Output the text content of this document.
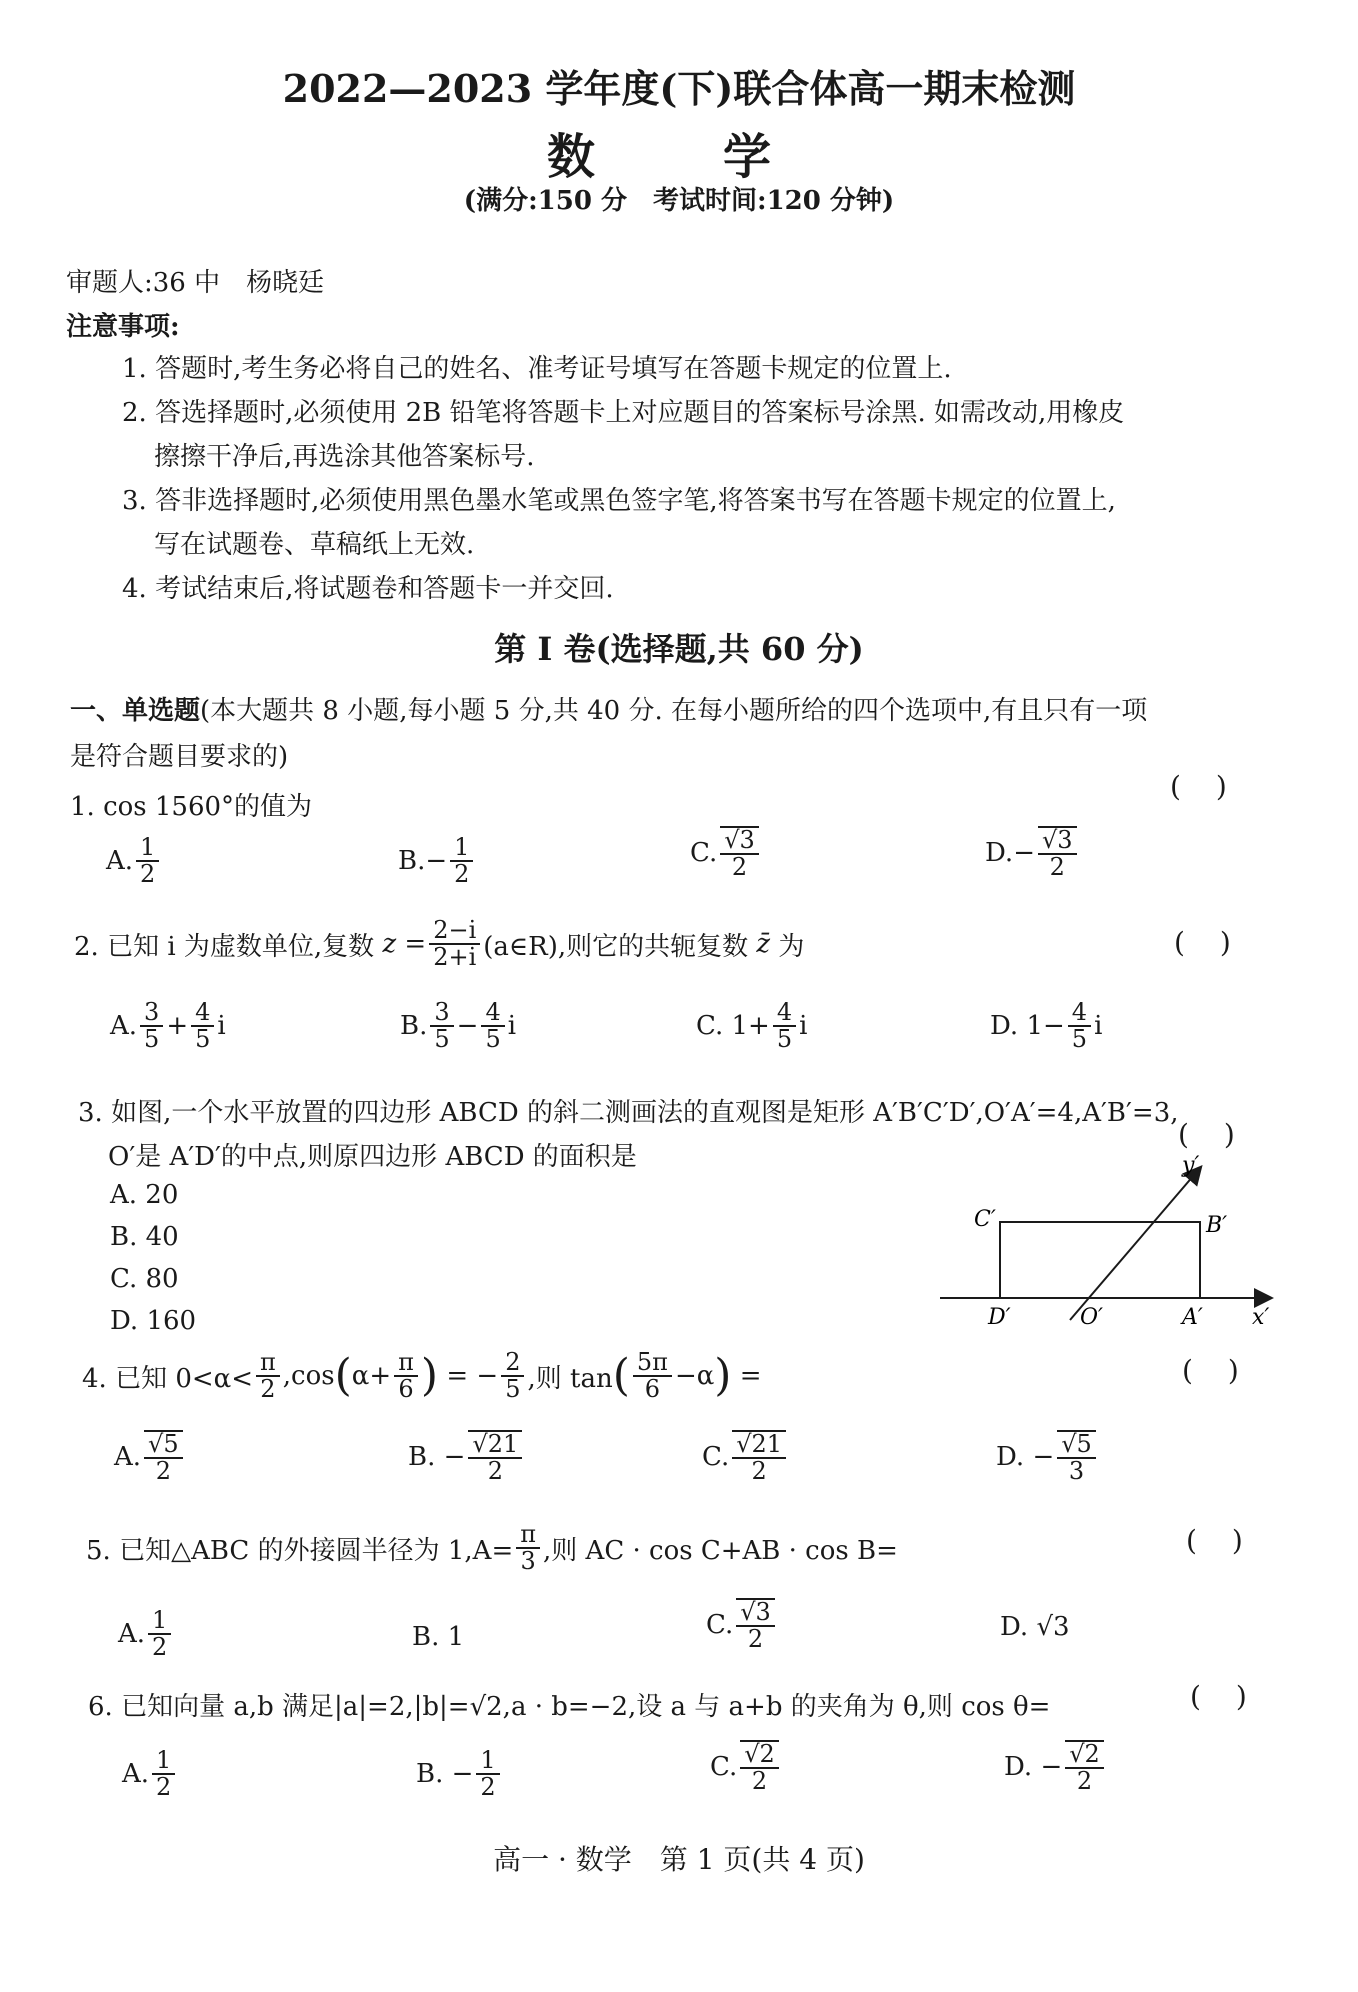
2022—2023 学年度(下)联合体高一期末检测
数　学
(满分:150 分　考试时间:120 分钟)
审题人:36 中　杨晓廷
注意事项:
1. 答题时,考生务必将自己的姓名、准考证号填写在答题卡规定的位置上.
2. 答选择题时,必须使用 2B 铅笔将答题卡上对应题目的答案标号涂黑. 如需改动,用橡皮
擦擦干净后,再选涂其他答案标号.
3. 答非选择题时,必须使用黑色墨水笔或黑色签字笔,将答案书写在答题卡规定的位置上,
写在试题卷、草稿纸上无效.
4. 考试结束后,将试题卷和答题卡一并交回.
第 I 卷(选择题,共 60 分)
一、单选题(本大题共 8 小题,每小题 5 分,共 40 分. 在每小题所给的四个选项中,有且只有一项
是符合题目要求的)
1. cos 1560°的值为
( )
A. $\frac{1}{2}$	B. − $\frac{1}{2}$	C. $\frac{√3}{2}$	D. − $\frac{√3}{2}$
2. 已知 i 为虚数单位,复数
$z = \frac{2-i}{2+i}$ (a∈R),则它的共轭复数
z̄
为	( )
A. $\frac{3}{5} + \frac{4}{5}$ i	B. $\frac{3}{5} - \frac{4}{5}$ i	C. $1+ \frac{4}{5}$ i	D. $1- \frac{4}{5}$ i
3. 如图,一个水平放置的四边形 ABCD 的斜二测画法的直观图是矩形 A′B′C′D′,O′A′=4,A′B′=3,
O′是 A′D′的中点,则原四边形 ABCD 的面积是
( )
A. 20
B. 40
C. 80
D. 160
y′
x′
C′	B′
D′	O′	A′
4. 已知 $0<\alpha< \frac{\pi}{2} ,\cos$ ( $\alpha+ \frac{\pi}{6}$ )
= − $\frac{2}{5}$ ,则 tan ( $\frac{5\pi}{6} -\alpha$ )
=	( )
A. $\frac{√5}{2}$	B. − $\frac{√21}{2}$	C. $\frac{√21}{2}$	D. − $\frac{√5}{3}$
5. 已知△ABC 的外接圆半径为 $1,A= \frac{\pi}{3}$ ,则 AC · cos C+AB · cos B=	( )
A. $\frac{1}{2}$	B. 1	C. $\frac{√3}{2}$	D. √3
6. 已知向量 a,b 满足|a|=2,|b|=√2,a · b=−2,设 a 与 a+b 的夹角为 θ,则 cos θ=	( )
A. $\frac{1}{2}$	B. − $\frac{1}{2}$	C. $\frac{√2}{2}$	D. − $\frac{√2}{2}$
高一 · 数学　第 1 页(共 4 页)
